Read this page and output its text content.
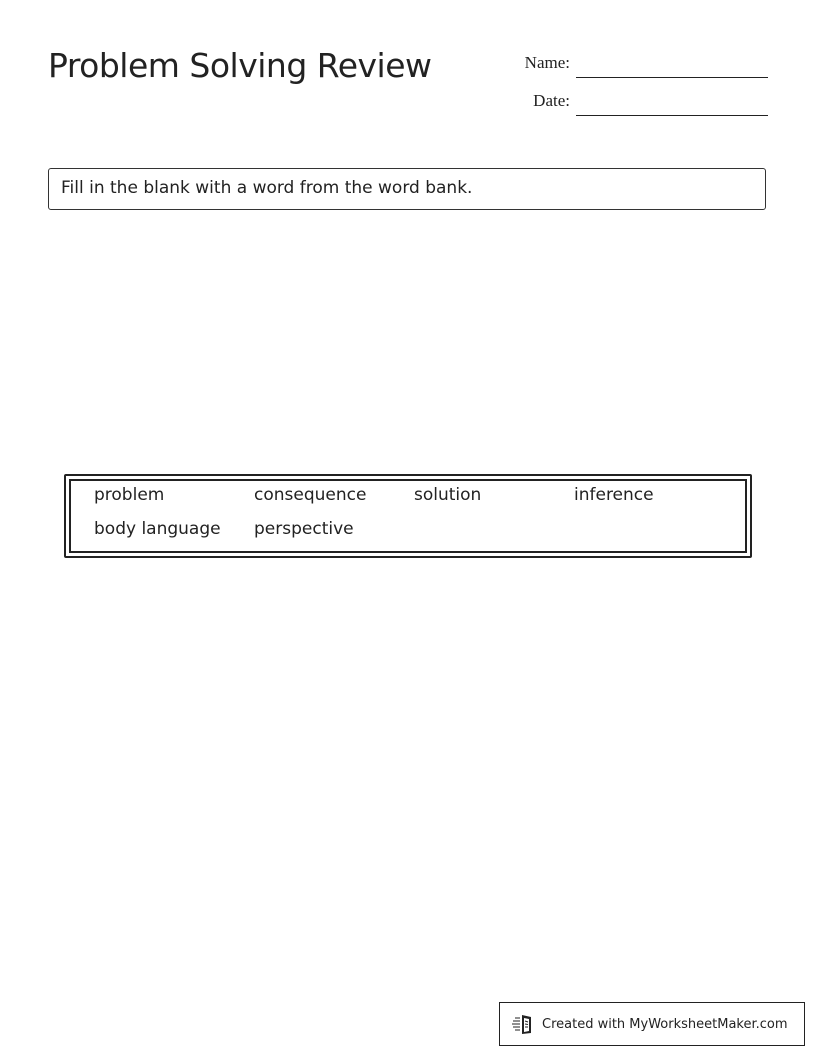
Problem Solving Review	Name:
Date:
Fill in the blank with a word from the word bank.
problem	consequence	solution	inference
body language	perspective
Created with MyWorksheetMaker.com
